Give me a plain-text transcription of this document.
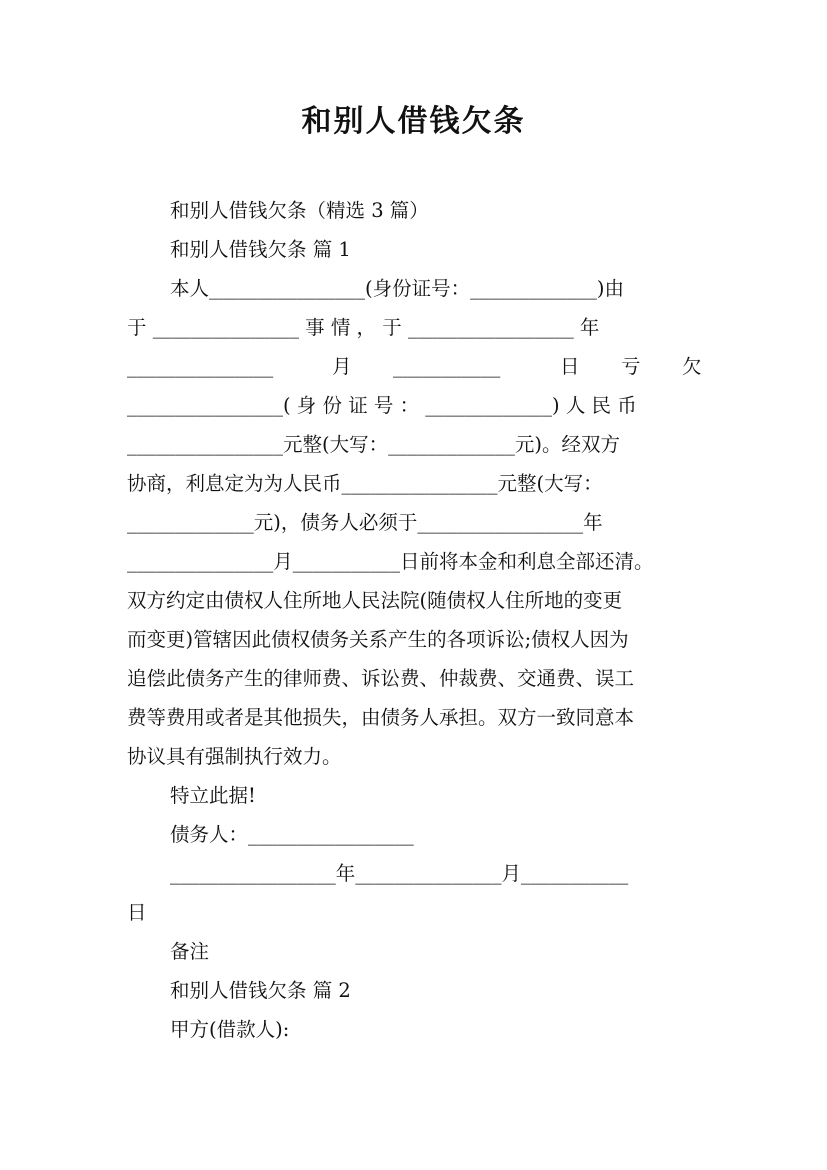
和别人借钱欠条
和别人借钱欠条（精选 3 篇）
和别人借钱欠条 篇 1
本人________________(身份证号：_____________)由
于 _______________ 事 情 ， 于 _________________ 年
_______________	月 ___________	日 亏 欠
________________( 身 份 证 号 ： _____________) 人 民 币
________________元整(大写：_____________元)。经双方
协商，利息定为为人民币________________元整(大写：
_____________元)，债务人必须于_________________年
_______________月___________日前将本金和利息全部还清。
双方约定由债权人住所地人民法院(随债权人住所地的变更
而变更)管辖因此债权债务关系产生的各项诉讼;债权人因为
追偿此债务产生的律师费、诉讼费、仲裁费、交通费、误工
费等费用或者是其他损失，由债务人承担。双方一致同意本
协议具有强制执行效力。
特立此据!
债务人：_________________
_________________年_______________月___________
日
备注
和别人借钱欠条 篇 2
甲方(借款人):
